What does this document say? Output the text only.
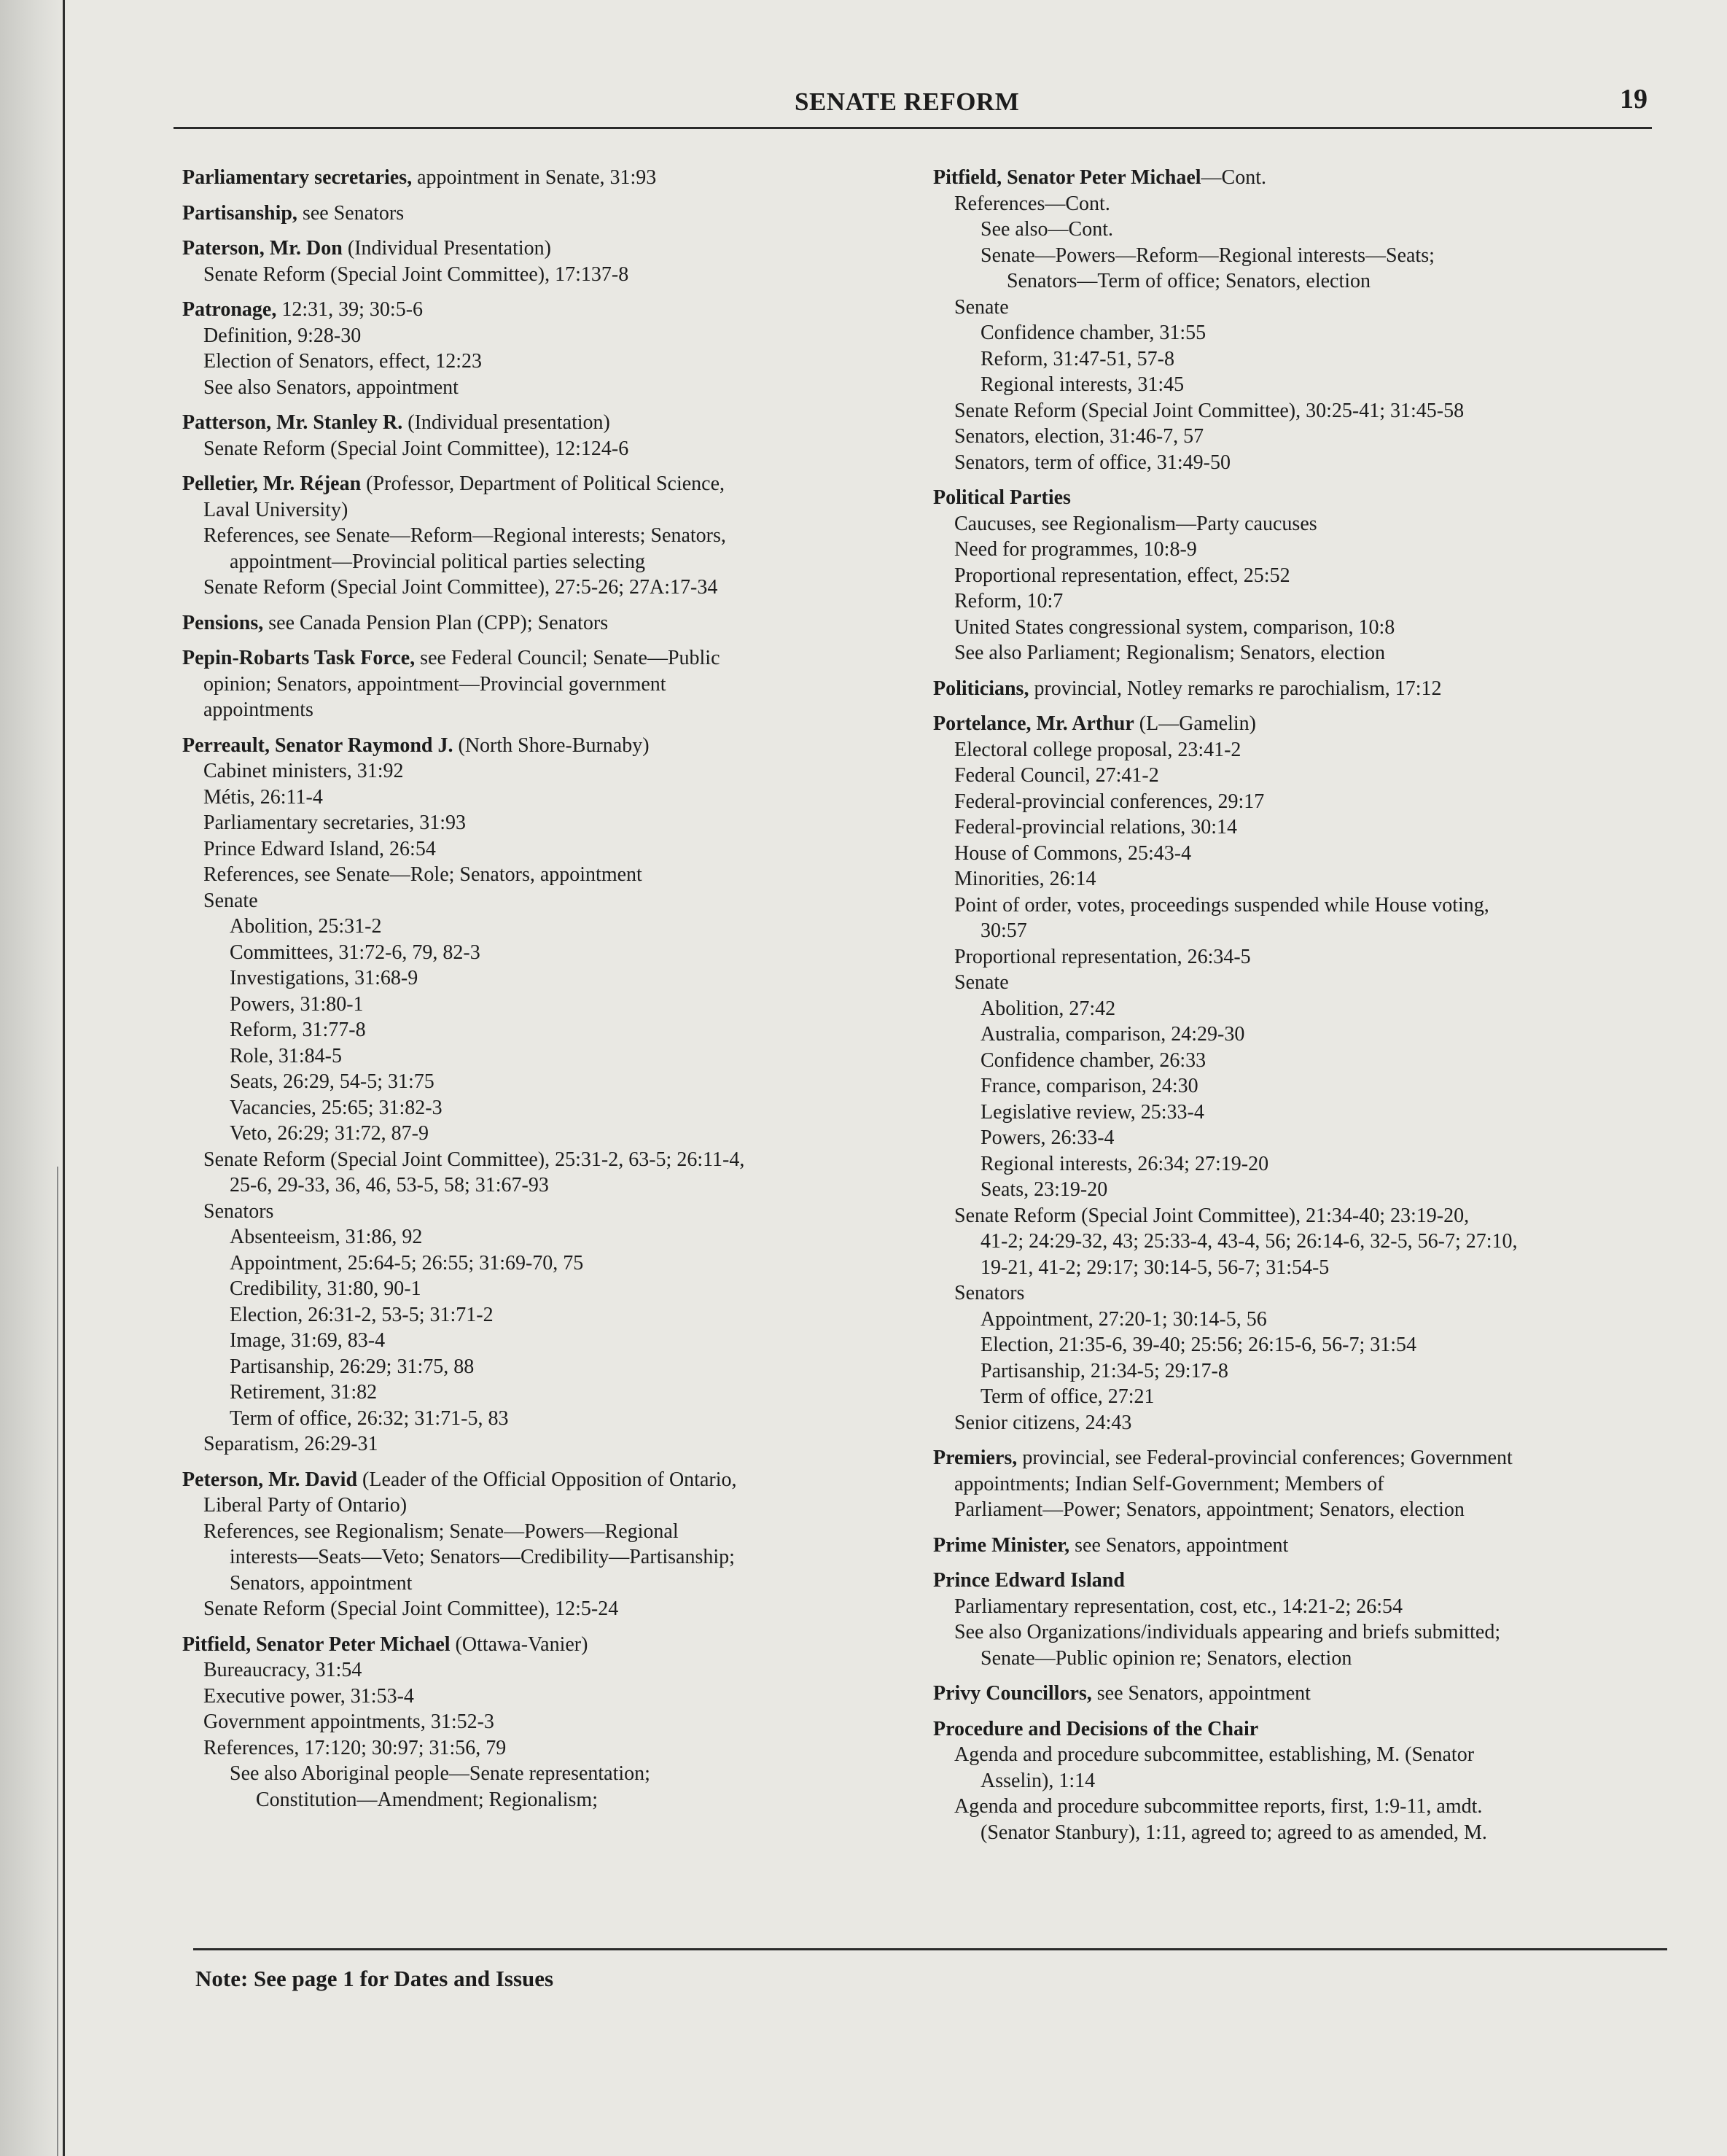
SENATE REFORM	19
Parliamentary secretaries, appointment in Senate, 31:93
Partisanship, see Senators
Paterson, Mr. Don (Individual Presentation)
Senate Reform (Special Joint Committee), 17:137-8
Patronage, 12:31, 39; 30:5-6
Definition, 9:28-30
Election of Senators, effect, 12:23
See also Senators, appointment
Patterson, Mr. Stanley R. (Individual presentation)
Senate Reform (Special Joint Committee), 12:124-6
Pelletier, Mr. Réjean (Professor, Department of Political Science,
Laval University)
References, see Senate—Reform—Regional interests; Senators,
appointment—Provincial political parties selecting
Senate Reform (Special Joint Committee), 27:5-26; 27A:17-34
Pensions, see Canada Pension Plan (CPP); Senators
Pepin-Robarts Task Force, see Federal Council; Senate—Public
opinion; Senators, appointment—Provincial government
appointments
Perreault, Senator Raymond J. (North Shore-Burnaby)
Cabinet ministers, 31:92
Métis, 26:11-4
Parliamentary secretaries, 31:93
Prince Edward Island, 26:54
References, see Senate—Role; Senators, appointment
Senate
Abolition, 25:31-2
Committees, 31:72-6, 79, 82-3
Investigations, 31:68-9
Powers, 31:80-1
Reform, 31:77-8
Role, 31:84-5
Seats, 26:29, 54-5; 31:75
Vacancies, 25:65; 31:82-3
Veto, 26:29; 31:72, 87-9
Senate Reform (Special Joint Committee), 25:31-2, 63-5; 26:11-4,
25-6, 29-33, 36, 46, 53-5, 58; 31:67-93
Senators
Absenteeism, 31:86, 92
Appointment, 25:64-5; 26:55; 31:69-70, 75
Credibility, 31:80, 90-1
Election, 26:31-2, 53-5; 31:71-2
Image, 31:69, 83-4
Partisanship, 26:29; 31:75, 88
Retirement, 31:82
Term of office, 26:32; 31:71-5, 83
Separatism, 26:29-31
Peterson, Mr. David (Leader of the Official Opposition of Ontario,
Liberal Party of Ontario)
References, see Regionalism; Senate—Powers—Regional
interests—Seats—Veto; Senators—Credibility—Partisanship;
Senators, appointment
Senate Reform (Special Joint Committee), 12:5-24
Pitfield, Senator Peter Michael (Ottawa-Vanier)
Bureaucracy, 31:54
Executive power, 31:53-4
Government appointments, 31:52-3
References, 17:120; 30:97; 31:56, 79
See also Aboriginal people—Senate representation;
Constitution—Amendment; Regionalism;
Pitfield, Senator Peter Michael—Cont.
References—Cont.
See also—Cont.
Senate—Powers—Reform—Regional interests—Seats;
Senators—Term of office; Senators, election
Senate
Confidence chamber, 31:55
Reform, 31:47-51, 57-8
Regional interests, 31:45
Senate Reform (Special Joint Committee), 30:25-41; 31:45-58
Senators, election, 31:46-7, 57
Senators, term of office, 31:49-50
Political Parties
Caucuses, see Regionalism—Party caucuses
Need for programmes, 10:8-9
Proportional representation, effect, 25:52
Reform, 10:7
United States congressional system, comparison, 10:8
See also Parliament; Regionalism; Senators, election
Politicians, provincial, Notley remarks re parochialism, 17:12
Portelance, Mr. Arthur (L—Gamelin)
Electoral college proposal, 23:41-2
Federal Council, 27:41-2
Federal-provincial conferences, 29:17
Federal-provincial relations, 30:14
House of Commons, 25:43-4
Minorities, 26:14
Point of order, votes, proceedings suspended while House voting,
30:57
Proportional representation, 26:34-5
Senate
Abolition, 27:42
Australia, comparison, 24:29-30
Confidence chamber, 26:33
France, comparison, 24:30
Legislative review, 25:33-4
Powers, 26:33-4
Regional interests, 26:34; 27:19-20
Seats, 23:19-20
Senate Reform (Special Joint Committee), 21:34-40; 23:19-20,
41-2; 24:29-32, 43; 25:33-4, 43-4, 56; 26:14-6, 32-5, 56-7; 27:10,
19-21, 41-2; 29:17; 30:14-5, 56-7; 31:54-5
Senators
Appointment, 27:20-1; 30:14-5, 56
Election, 21:35-6, 39-40; 25:56; 26:15-6, 56-7; 31:54
Partisanship, 21:34-5; 29:17-8
Term of office, 27:21
Senior citizens, 24:43
Premiers, provincial, see Federal-provincial conferences; Government
appointments; Indian Self-Government; Members of
Parliament—Power; Senators, appointment; Senators, election
Prime Minister, see Senators, appointment
Prince Edward Island
Parliamentary representation, cost, etc., 14:21-2; 26:54
See also Organizations/individuals appearing and briefs submitted;
Senate—Public opinion re; Senators, election
Privy Councillors, see Senators, appointment
Procedure and Decisions of the Chair
Agenda and procedure subcommittee, establishing, M. (Senator
Asselin), 1:14
Agenda and procedure subcommittee reports, first, 1:9-11, amdt.
(Senator Stanbury), 1:11, agreed to; agreed to as amended, M.
Note: See page 1 for Dates and Issues
